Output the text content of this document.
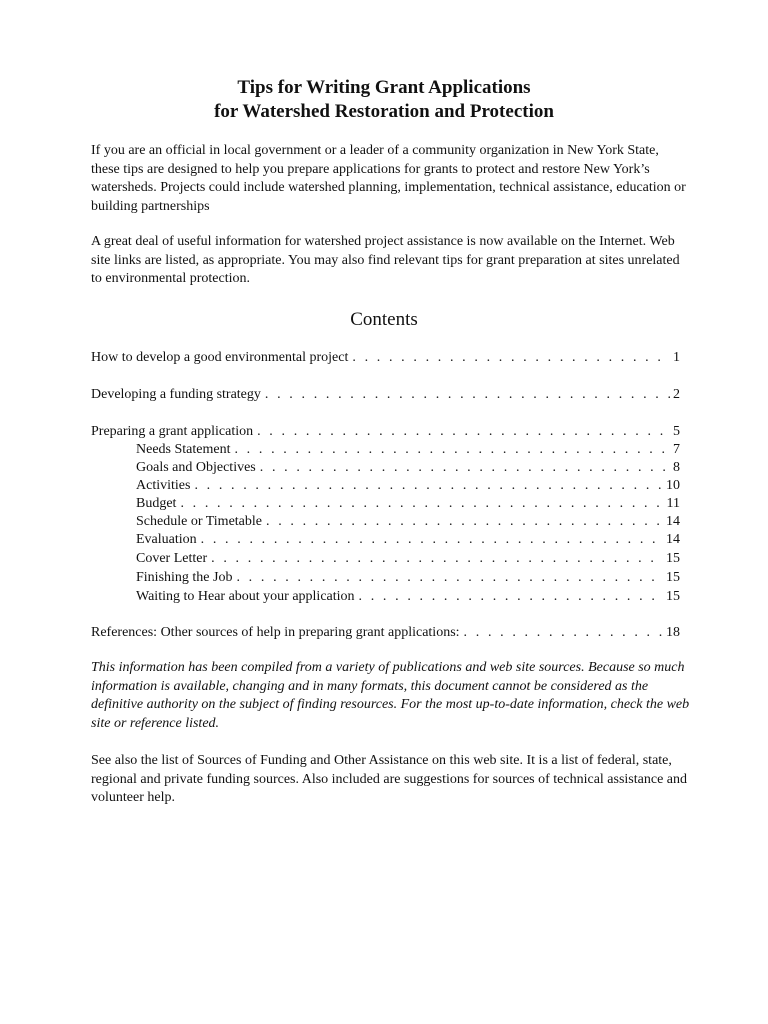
Tips for Writing Grant Applications
for Watershed Restoration and Protection

If you are an official in local government or a leader of a community organization in New York State, these tips are designed to help you prepare applications for grants to protect and restore New York’s watersheds. Projects could include watershed planning, implementation, technical assistance, education or building partnerships

A great deal of useful information for watershed project assistance is now available on the Internet. Web site links are listed, as appropriate. You may also find relevant tips for grant preparation at sites unrelated to environmental protection.

Contents
How to develop a good environmental project . . .	1
Developing a funding strategy . . .	2
Preparing a grant application . . .	5
Needs Statement . . .	7
Goals and Objectives . . .	8
Activities . . .	10
Budget . . .	11
Schedule or Timetable . . .	14
Evaluation . . .	14
Cover Letter . . .	15
Finishing the Job . . .	15
Waiting to Hear about your application . . .	15
References: Other sources of help in preparing grant applications: . . .	18

This information has been compiled from a variety of publications and web site sources. Because so much information is available, changing and in many formats, this document cannot be considered as the definitive authority on the subject of finding resources. For the most up-to-date information, check the web site or reference listed.

See also the list of Sources of Funding and Other Assistance on this web site. It is a list of federal, state, regional and private funding sources. Also included are suggestions for sources of technical assistance and volunteer help.
